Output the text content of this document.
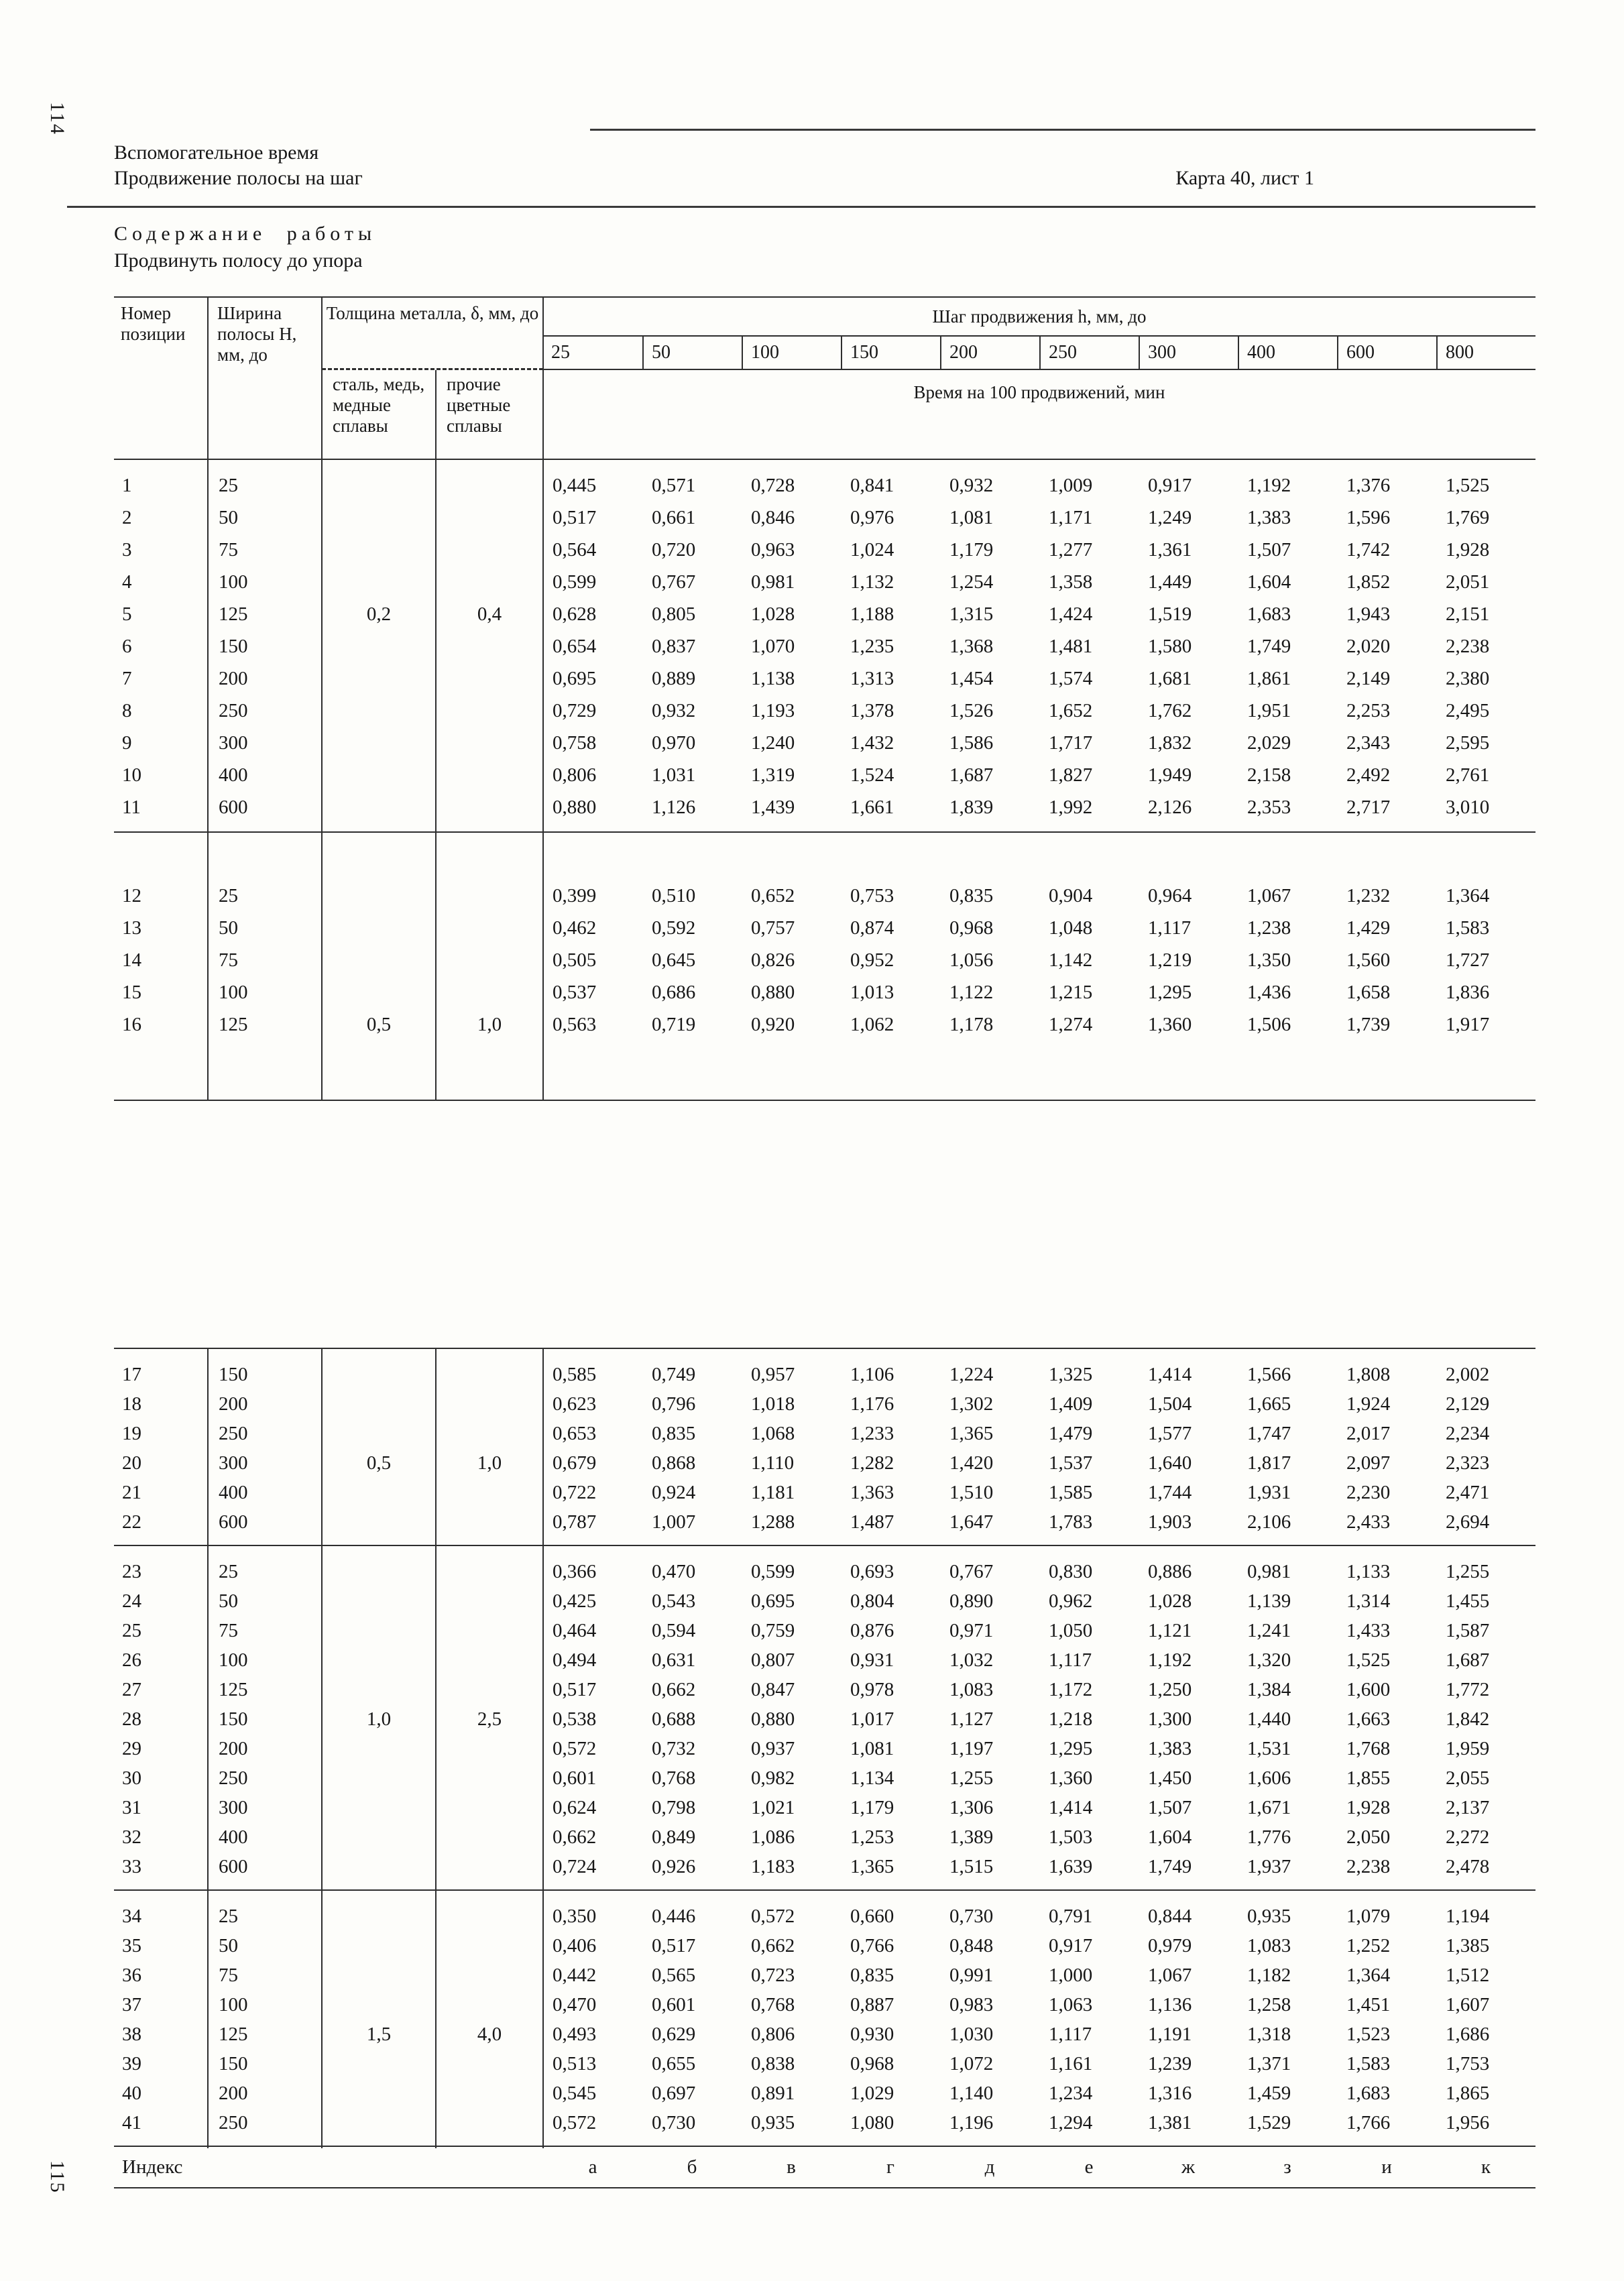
114
115
Вспомогательное время
Продвижение полосы на шаг	Карта 40, лист 1
Содержание работы
Продвинуть полосу до упора
Номер позиции
Ширина полосы Н, мм, до
Толщина металла, δ, мм, до
сталь, медь, медные сплавы
прочие цветные сплавы
Шаг продвижения h, мм, до
25	50	100	150	200	250	300	400	600	800
Время на 100 продвижений, мин
1	25	0,445	0,571	0,728	0,841	0,932	1,009	0,917	1,192	1,376	1,525
2	50	0,517	0,661	0,846	0,976	1,081	1,171	1,249	1,383	1,596	1,769
3	75	0,564	0,720	0,963	1,024	1,179	1,277	1,361	1,507	1,742	1,928
4	100	0,599	0,767	0,981	1,132	1,254	1,358	1,449	1,604	1,852	2,051
5	125	0,2	0,4	0,628	0,805	1,028	1,188	1,315	1,424	1,519	1,683	1,943	2,151
6	150	0,654	0,837	1,070	1,235	1,368	1,481	1,580	1,749	2,020	2,238
7	200	0,695	0,889	1,138	1,313	1,454	1,574	1,681	1,861	2,149	2,380
8	250	0,729	0,932	1,193	1,378	1,526	1,652	1,762	1,951	2,253	2,495
9	300	0,758	0,970	1,240	1,432	1,586	1,717	1,832	2,029	2,343	2,595
10	400	0,806	1,031	1,319	1,524	1,687	1,827	1,949	2,158	2,492	2,761
11	600	0,880	1,126	1,439	1,661	1,839	1,992	2,126	2,353	2,717	3,010
12	25	0,399	0,510	0,652	0,753	0,835	0,904	0,964	1,067	1,232	1,364
13	50	0,462	0,592	0,757	0,874	0,968	1,048	1,117	1,238	1,429	1,583
14	75	0,505	0,645	0,826	0,952	1,056	1,142	1,219	1,350	1,560	1,727
15	100	0,537	0,686	0,880	1,013	1,122	1,215	1,295	1,436	1,658	1,836
16	125	0,5	1,0	0,563	0,719	0,920	1,062	1,178	1,274	1,360	1,506	1,739	1,917
17	150	0,585	0,749	0,957	1,106	1,224	1,325	1,414	1,566	1,808	2,002
18	200	0,623	0,796	1,018	1,176	1,302	1,409	1,504	1,665	1,924	2,129
19	250	0,653	0,835	1,068	1,233	1,365	1,479	1,577	1,747	2,017	2,234
20	300	0,5	1,0	0,679	0,868	1,110	1,282	1,420	1,537	1,640	1,817	2,097	2,323
21	400	0,722	0,924	1,181	1,363	1,510	1,585	1,744	1,931	2,230	2,471
22	600	0,787	1,007	1,288	1,487	1,647	1,783	1,903	2,106	2,433	2,694
23	25	0,366	0,470	0,599	0,693	0,767	0,830	0,886	0,981	1,133	1,255
24	50	0,425	0,543	0,695	0,804	0,890	0,962	1,028	1,139	1,314	1,455
25	75	0,464	0,594	0,759	0,876	0,971	1,050	1,121	1,241	1,433	1,587
26	100	0,494	0,631	0,807	0,931	1,032	1,117	1,192	1,320	1,525	1,687
27	125	0,517	0,662	0,847	0,978	1,083	1,172	1,250	1,384	1,600	1,772
28	150	1,0	2,5	0,538	0,688	0,880	1,017	1,127	1,218	1,300	1,440	1,663	1,842
29	200	0,572	0,732	0,937	1,081	1,197	1,295	1,383	1,531	1,768	1,959
30	250	0,601	0,768	0,982	1,134	1,255	1,360	1,450	1,606	1,855	2,055
31	300	0,624	0,798	1,021	1,179	1,306	1,414	1,507	1,671	1,928	2,137
32	400	0,662	0,849	1,086	1,253	1,389	1,503	1,604	1,776	2,050	2,272
33	600	0,724	0,926	1,183	1,365	1,515	1,639	1,749	1,937	2,238	2,478
34	25	0,350	0,446	0,572	0,660	0,730	0,791	0,844	0,935	1,079	1,194
35	50	0,406	0,517	0,662	0,766	0,848	0,917	0,979	1,083	1,252	1,385
36	75	0,442	0,565	0,723	0,835	0,991	1,000	1,067	1,182	1,364	1,512
37	100	0,470	0,601	0,768	0,887	0,983	1,063	1,136	1,258	1,451	1,607
38	125	1,5	4,0	0,493	0,629	0,806	0,930	1,030	1,117	1,191	1,318	1,523	1,686
39	150	0,513	0,655	0,838	0,968	1,072	1,161	1,239	1,371	1,583	1,753
40	200	0,545	0,697	0,891	1,029	1,140	1,234	1,316	1,459	1,683	1,865
41	250	0,572	0,730	0,935	1,080	1,196	1,294	1,381	1,529	1,766	1,956
Индекс	а	б	в	г	д	е	ж	з	и	к
